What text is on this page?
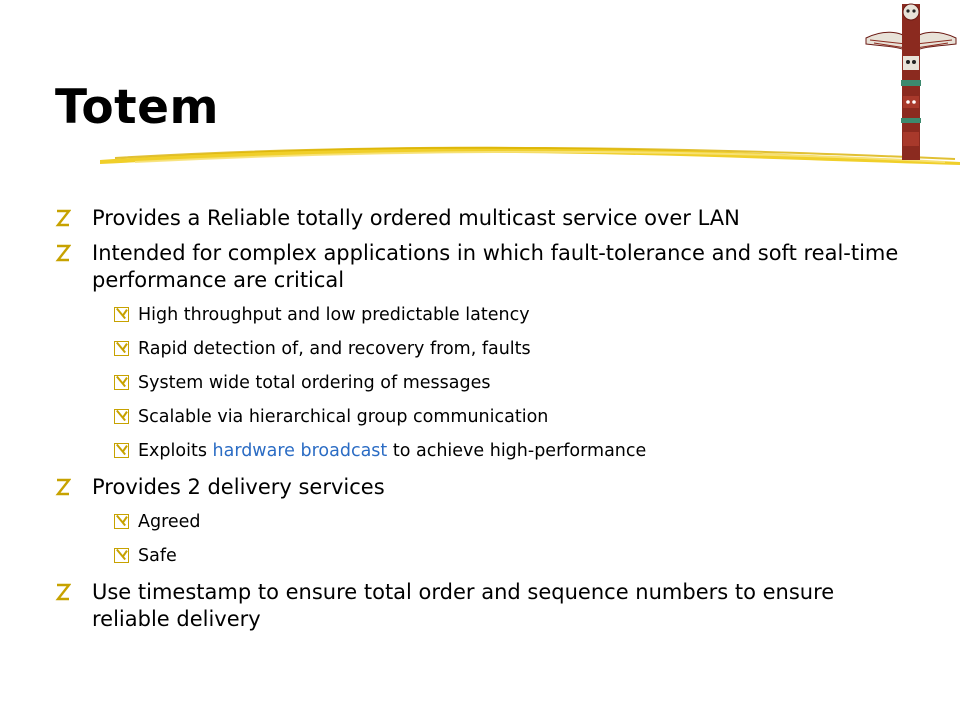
Totem
Provides a Reliable totally ordered multicast service over LAN
Intended for complex applications in which fault-tolerance and soft real-time performance are critical
High throughput and low predictable latency
Rapid detection of, and recovery from, faults
System wide total ordering of messages
Scalable via hierarchical group communication
Exploits hardware broadcast to achieve high-performance
Provides 2 delivery services
Agreed
Safe
Use timestamp to ensure total order and sequence numbers to ensure reliable delivery
